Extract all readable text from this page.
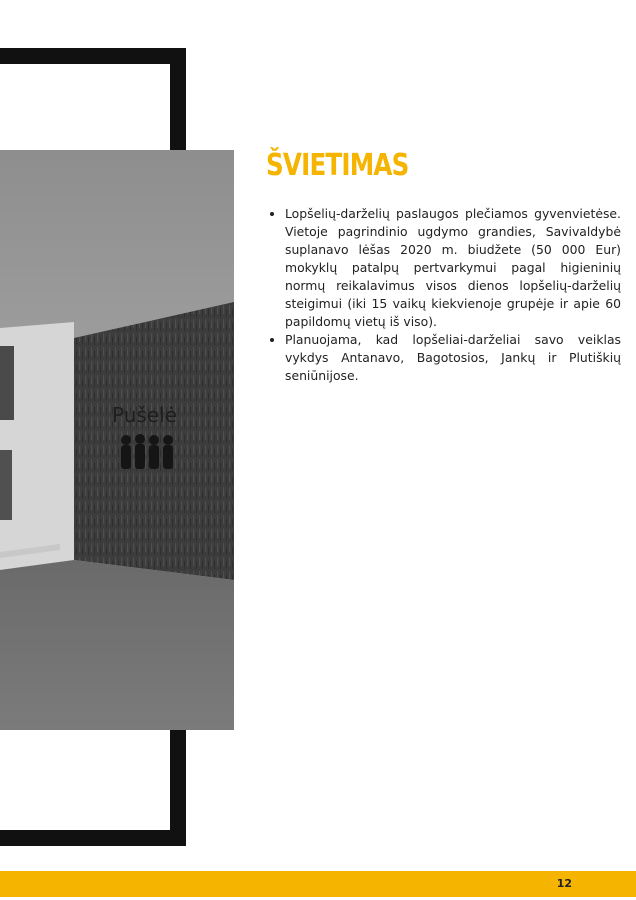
Pušelė
ŠVIETIMAS
• Lopšelių-darželių paslaugos plečiamos gyvenvietėse. Vietoje pagrindinio ugdymo grandies, Savivaldybė suplanavo lėšas 2020 m. biudžete (50 000 Eur) mokyklų patalpų pertvarkymui pagal higieninių normų reikalavimus visos dienos lopšelių-darželių steigimui (iki 15 vaikų kiekvienoje grupėje ir apie 60 papildomų vietų iš viso).
• Planuojama, kad lopšeliai-darželiai savo veiklas vykdys Antanavo, Bagotosios, Jankų ir Plutiškių seniūnijose.
12
